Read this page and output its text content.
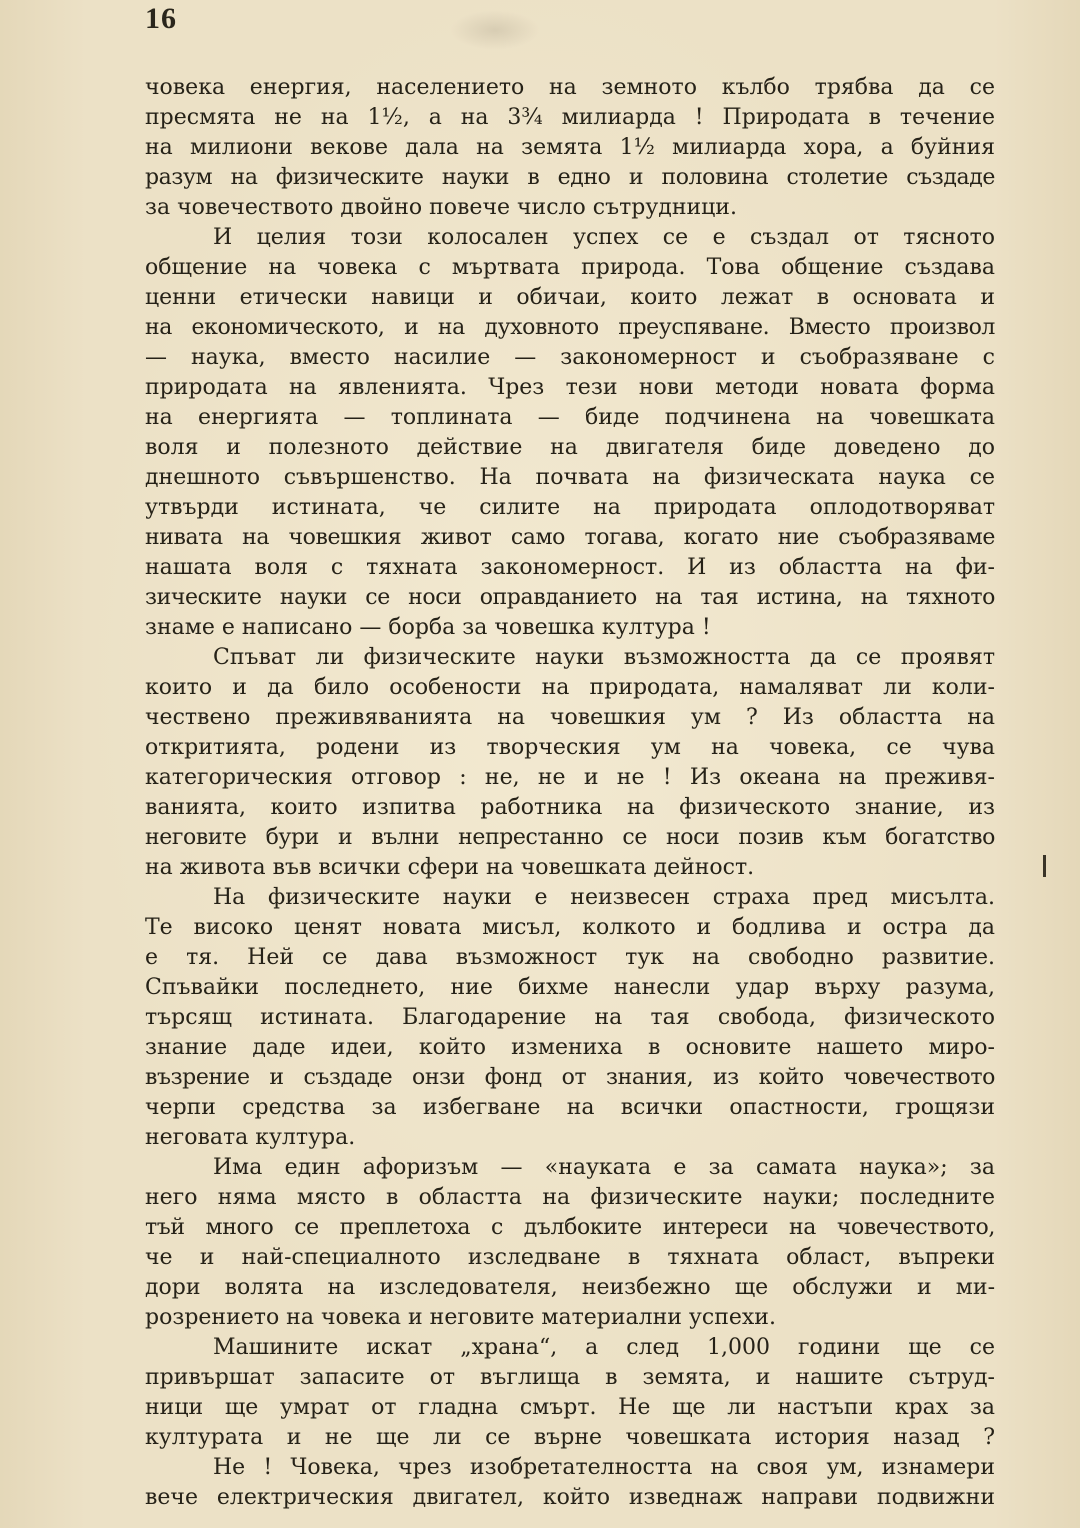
16
човека енергия, населението на земното кълбо трябва да се
пресмята не на 1½, а на 3¾ милиарда ! Природата в течение
на милиони векове дала на земята 1½ милиарда хора, а буйния
разум на физическите науки в едно и половина столетие създаде
за човечеството двойно повече число сътрудници.
И целия този колосален успех се е създал от тясното
общение на човека с мъртвата природа. Това общение създава
ценни етически навици и обичаи, които лежат в основата и
на економическото, и на духовното преуспяване. Вместо произвол
— наука, вместо насилие — закономерност и съобразяване с
природата на явленията. Чрез тези нови методи новата форма
на енергията — топлината — биде подчинена на човешката
воля и полезното действие на двигателя биде доведено до
днешното съвършенство. На почвата на физическата наука се
утвърди истината, че силите на природата оплодотворяват
нивата на човешкия живот само тогава, когато ние съобразяваме
нашата воля с тяхната закономерност. И из областта на фи-
зическите науки се носи оправданието на тая истина, на тяхното
знаме е написано — борба за човешка култура !
Спъват ли физическите науки възможността да се проявят
които и да било особености на природата, намаляват ли коли-
чествено преживяванията на човешкия ум ? Из областта на
откритията, родени из творческия ум на човека, се чува
категоричеcкия отговор : не, не и не ! Из океана на преживя-
ванията, които изпитва работника на физическото знание, из
неговите бури и вълни непрестанно се носи позив към богатство
на живота във всички сфери на човешката дейност.
На физическите науки е неизвесен страха пред мисълта.
Те високо ценят новата мисъл, колкото и бодлива и остра да
е тя. Ней се дава възможност тук на свободно развитие.
Спъвайки последнето, ние бихме нанесли удар върху разума,
търсящ истината. Благодарение на тая свобода, физическото
знание даде идеи, който измениха в основите нашето миро-
възрение и създаде онзи фонд от знания, из който човечеството
черпи средства за избегване на всички опастности, грощязи
неговата култура.
Има един афоризъм — «науката е за самата наука»; за
него няма място в областта на физическите науки; последните
тъй много се преплетоха с дълбоките интереси на човечеството,
че и най-специалното изследване в тяхната област, въпреки
дори волята на изследователя, неизбежно ще обслужи и ми-
розрението на човека и неговите материални успехи.
Машините искат „храна“, а след 1,000 години ще се
привършат запасите от въглища в земята, и нашите сътруд-
ници ще умрат от гладна смърт. Не ще ли настъпи крах за
културата и не ще ли се върне човешката история назад ?
Не ! Човека, чрез изобретателността на своя ум, изнамери
вече електрическия двигател, който изведнаж направи подвижни
